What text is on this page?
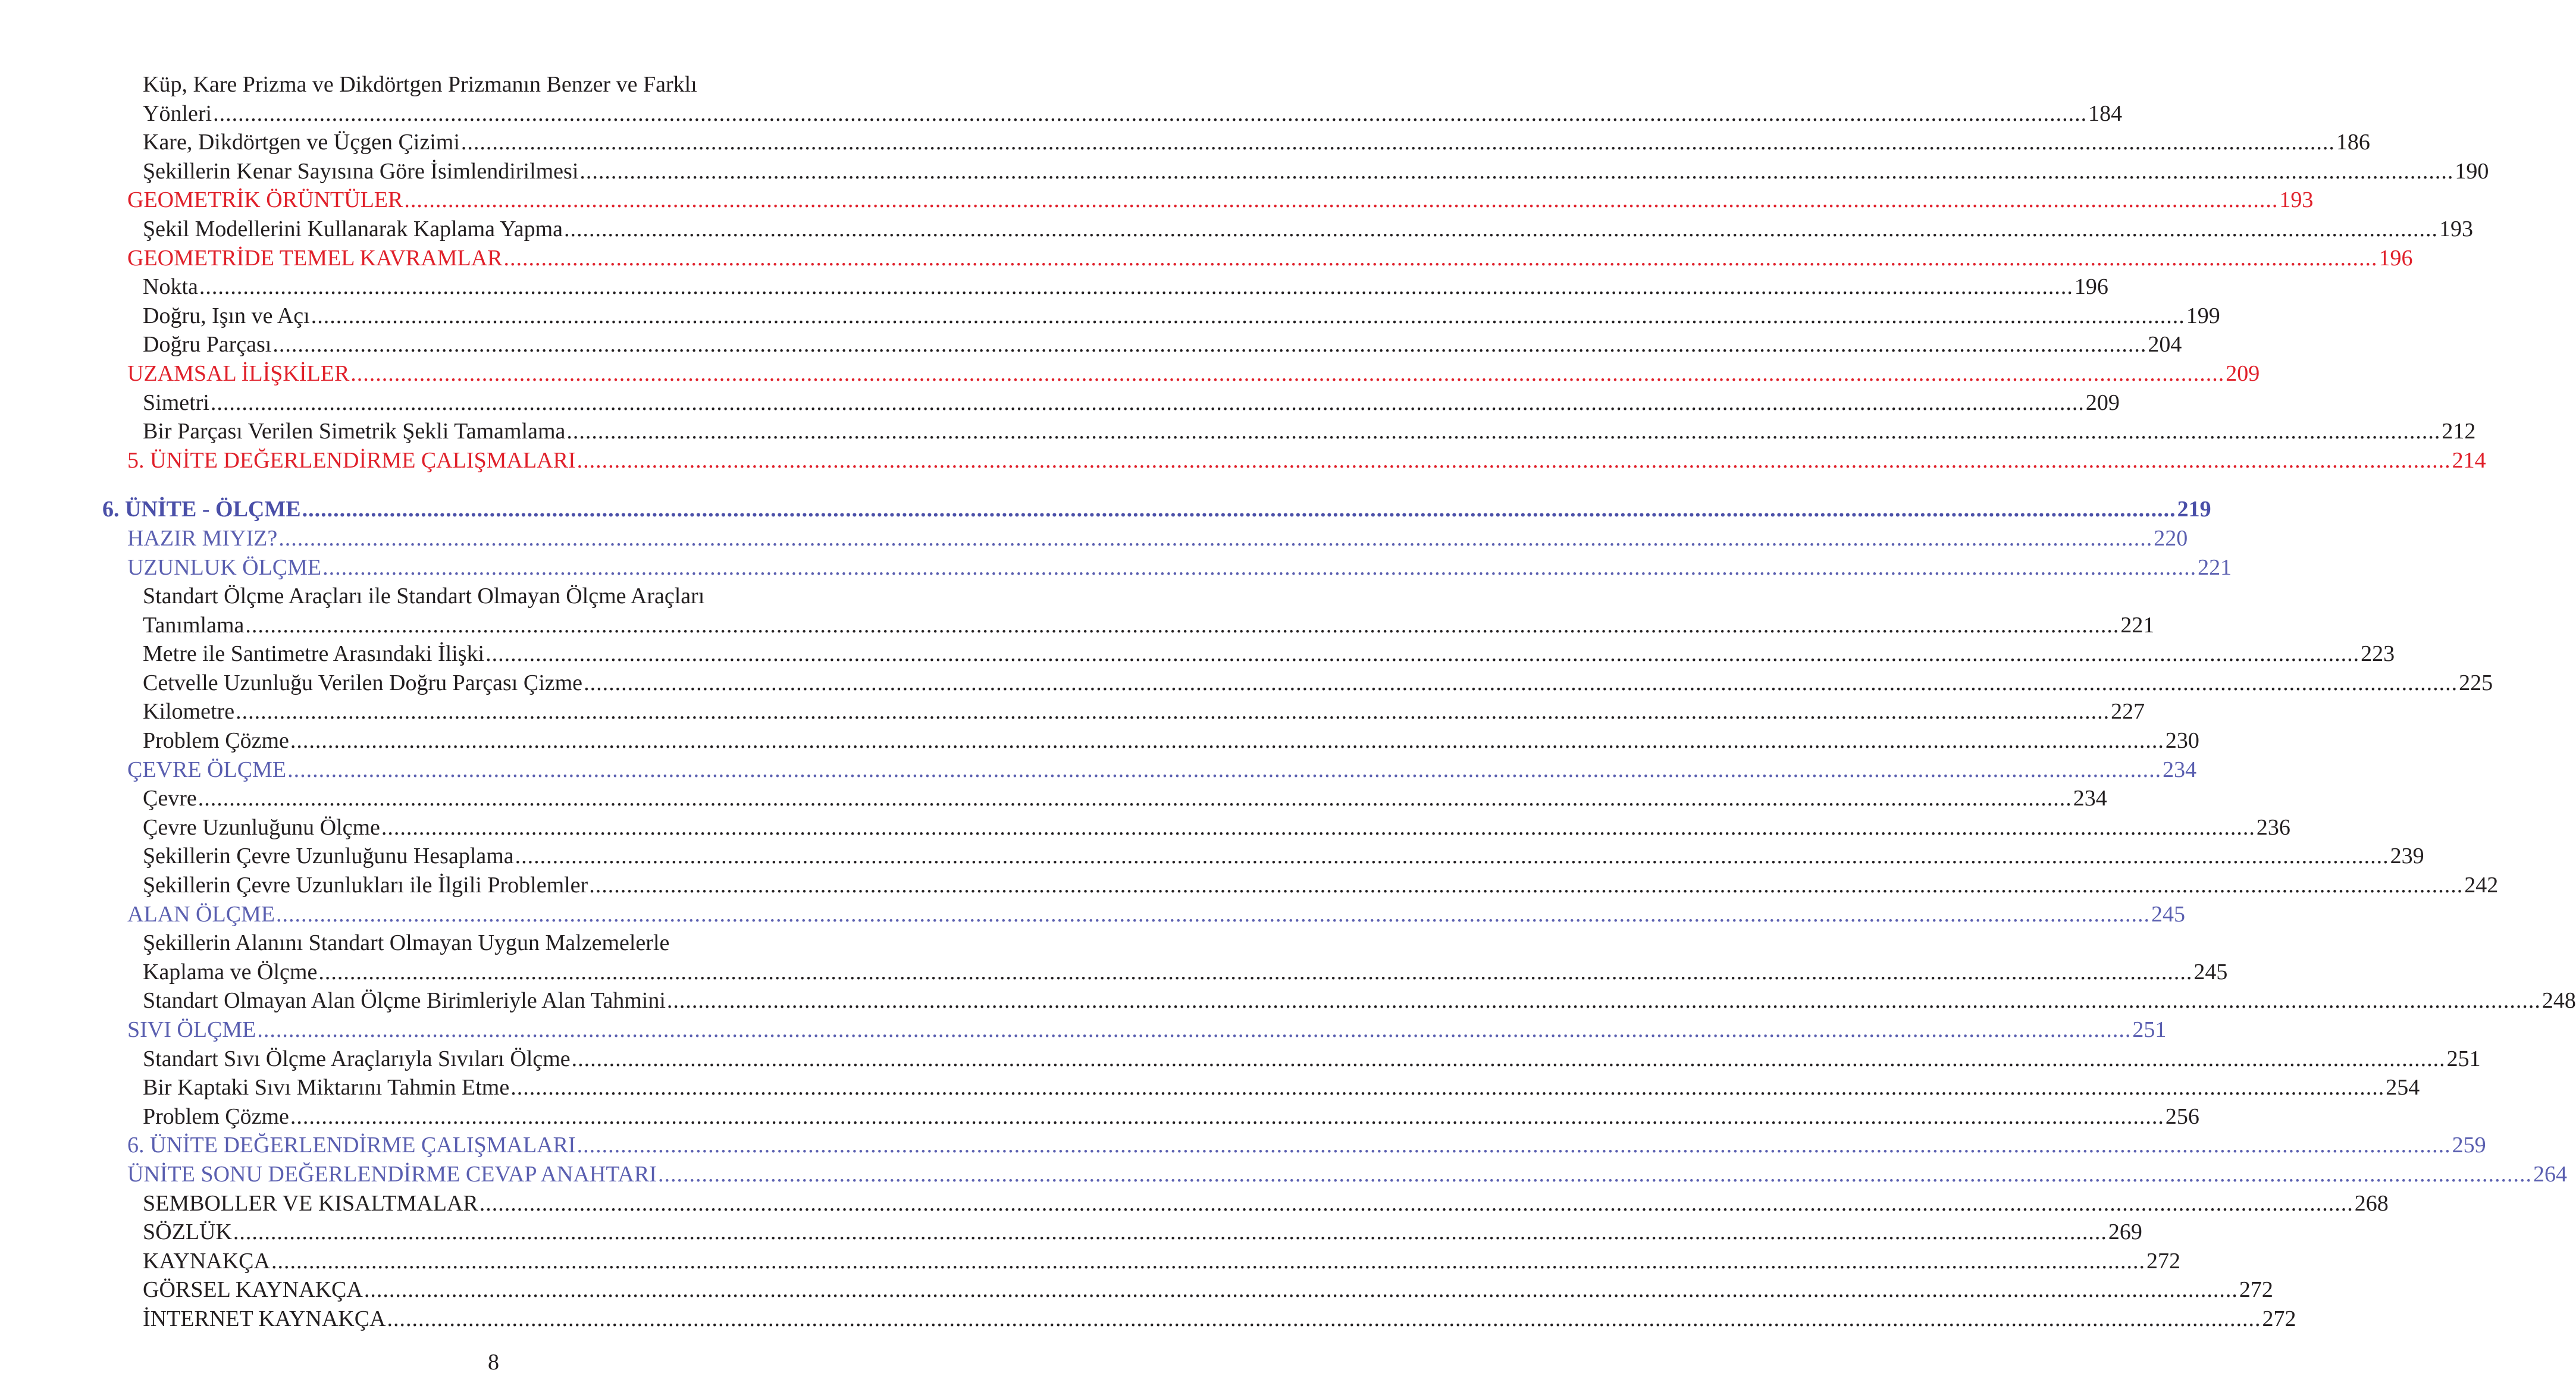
Küp, Kare Prizma ve Dikdörtgen Prizmanın Benzer ve Farklı
Yönleri ............................................................................................................................................................................................................................................................................................................ 184
Kare, Dikdörtgen ve Üçgen Çizimi ............................................................................................................................................................................................................................................................................................................ 186
Şekillerin Kenar Sayısına Göre İsimlendirilmesi ............................................................................................................................................................................................................................................................................................................ 190
GEOMETRİK ÖRÜNTÜLER ............................................................................................................................................................................................................................................................................................................ 193
Şekil Modellerini Kullanarak Kaplama Yapma ............................................................................................................................................................................................................................................................................................................ 193
GEOMETRİDE TEMEL KAVRAMLAR ............................................................................................................................................................................................................................................................................................................ 196
Nokta ............................................................................................................................................................................................................................................................................................................ 196
Doğru, Işın ve Açı ............................................................................................................................................................................................................................................................................................................ 199
Doğru Parçası ............................................................................................................................................................................................................................................................................................................ 204
UZAMSAL İLİŞKİLER ............................................................................................................................................................................................................................................................................................................ 209
Simetri ............................................................................................................................................................................................................................................................................................................ 209
Bir Parçası Verilen Simetrik Şekli Tamamlama ............................................................................................................................................................................................................................................................................................................ 212
5. ÜNİTE DEĞERLENDİRME ÇALIŞMALARI ............................................................................................................................................................................................................................................................................................................ 214
6. ÜNİTE - ÖLÇME ............................................................................................................................................................................................................................................................................................................ 219
HAZIR MIYIZ? ............................................................................................................................................................................................................................................................................................................ 220
UZUNLUK ÖLÇME ............................................................................................................................................................................................................................................................................................................ 221
Standart Ölçme Araçları ile Standart Olmayan Ölçme Araçları
Tanımlama ............................................................................................................................................................................................................................................................................................................ 221
Metre ile Santimetre Arasındaki İlişki ............................................................................................................................................................................................................................................................................................................ 223
Cetvelle Uzunluğu Verilen Doğru Parçası Çizme ............................................................................................................................................................................................................................................................................................................ 225
Kilometre ............................................................................................................................................................................................................................................................................................................ 227
Problem Çözme ............................................................................................................................................................................................................................................................................................................ 230
ÇEVRE ÖLÇME ............................................................................................................................................................................................................................................................................................................ 234
Çevre ............................................................................................................................................................................................................................................................................................................ 234
Çevre Uzunluğunu Ölçme ............................................................................................................................................................................................................................................................................................................ 236
Şekillerin Çevre Uzunluğunu Hesaplama ............................................................................................................................................................................................................................................................................................................ 239
Şekillerin Çevre Uzunlukları ile İlgili Problemler ............................................................................................................................................................................................................................................................................................................ 242
ALAN ÖLÇME ............................................................................................................................................................................................................................................................................................................ 245
Şekillerin Alanını Standart Olmayan Uygun Malzemelerle
Kaplama ve Ölçme ............................................................................................................................................................................................................................................................................................................ 245
Standart Olmayan Alan Ölçme Birimleriyle Alan Tahmini ............................................................................................................................................................................................................................................................................................................ 248
SIVI ÖLÇME ............................................................................................................................................................................................................................................................................................................ 251
Standart Sıvı Ölçme Araçlarıyla Sıvıları Ölçme ............................................................................................................................................................................................................................................................................................................ 251
Bir Kaptaki Sıvı Miktarını Tahmin Etme ............................................................................................................................................................................................................................................................................................................ 254
Problem Çözme ............................................................................................................................................................................................................................................................................................................ 256
6. ÜNİTE DEĞERLENDİRME ÇALIŞMALARI ............................................................................................................................................................................................................................................................................................................ 259
ÜNİTE SONU DEĞERLENDİRME CEVAP ANAHTARI ............................................................................................................................................................................................................................................................................................................ 264
SEMBOLLER VE KISALTMALAR ............................................................................................................................................................................................................................................................................................................ 268
SÖZLÜK ............................................................................................................................................................................................................................................................................................................ 269
KAYNAKÇA ............................................................................................................................................................................................................................................................................................................ 272
GÖRSEL KAYNAKÇA ............................................................................................................................................................................................................................................................................................................ 272
İNTERNET KAYNAKÇA ............................................................................................................................................................................................................................................................................................................ 272
8
